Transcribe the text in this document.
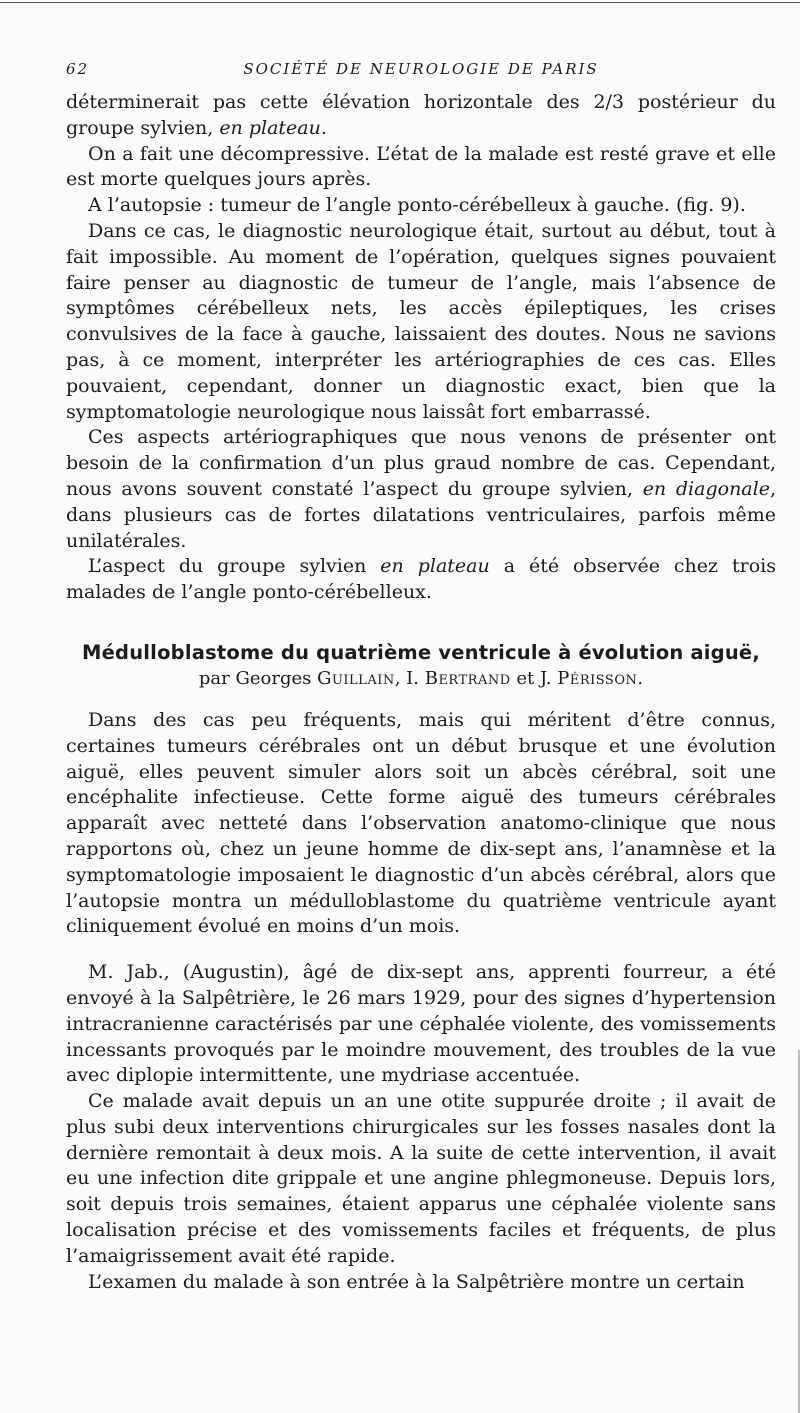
62	SOCIÉTÉ DE NEUROLOGIE DE PARIS

déterminerait pas cette élévation horizontale des 2/3 postérieur du groupe sylvien, en plateau.

On a fait une décompressive. L’état de la malade est resté grave et elle est morte quelques jours après.

A l’autopsie : tumeur de l’angle ponto-cérébelleux à gauche. (fig. 9).

Dans ce cas, le diagnostic neurologique était, surtout au début, tout à fait impossible. Au moment de l’opération, quelques signes pouvaient faire penser au diagnostic de tumeur de l’angle, mais l’absence de symptômes cérébelleux nets, les accès épileptiques, les crises convulsives de la face à gauche, laissaient des doutes. Nous ne savions pas, à ce moment, interpréter les artériographies de ces cas. Elles pouvaient, cependant, donner un diagnostic exact, bien que la symptomatologie neurologique nous laissât fort embarrassé.

Ces aspects artériographiques que nous venons de présenter ont besoin de la confirmation d’un plus graud nombre de cas. Cependant, nous avons souvent constaté l’aspect du groupe sylvien, en diagonale, dans plusieurs cas de fortes dilatations ventriculaires, parfois même unilatérales.

L’aspect du groupe sylvien en plateau a été observée chez trois malades de l’angle ponto-cérébelleux.

Médulloblastome du quatrième ventricule à évolution aiguë,

par Georges Guillain, I. Bertrand et J. Périsson.

Dans des cas peu fréquents, mais qui méritent d’être connus, certaines tumeurs cérébrales ont un début brusque et une évolution aiguë, elles peuvent simuler alors soit un abcès cérébral, soit une encéphalite infectieuse. Cette forme aiguë des tumeurs cérébrales apparaît avec netteté dans l’observation anatomo-clinique que nous rapportons où, chez un jeune homme de dix-sept ans, l’anamnèse et la symptomatologie imposaient le diagnostic d’un abcès cérébral, alors que l’autopsie montra un médulloblastome du quatrième ventricule ayant cliniquement évolué en moins d’un mois.

M. Jab., (Augustin), âgé de dix-sept ans, apprenti fourreur, a été envoyé à la Salpêtrière, le 26 mars 1929, pour des signes d’hypertension intracranienne caractérisés par une céphalée violente, des vomissements incessants provoqués par le moindre mouvement, des troubles de la vue avec diplopie intermittente, une mydriase accentuée.

Ce malade avait depuis un an une otite suppurée droite ; il avait de plus subi deux interventions chirurgicales sur les fosses nasales dont la dernière remontait à deux mois. A la suite de cette intervention, il avait eu une infection dite grippale et une angine phlegmoneuse. Depuis lors, soit depuis trois semaines, étaient apparus une céphalée violente sans localisation précise et des vomissements faciles et fréquents, de plus l’amaigrissement avait été rapide.

L’examen du malade à son entrée à la Salpêtrière montre un certain
